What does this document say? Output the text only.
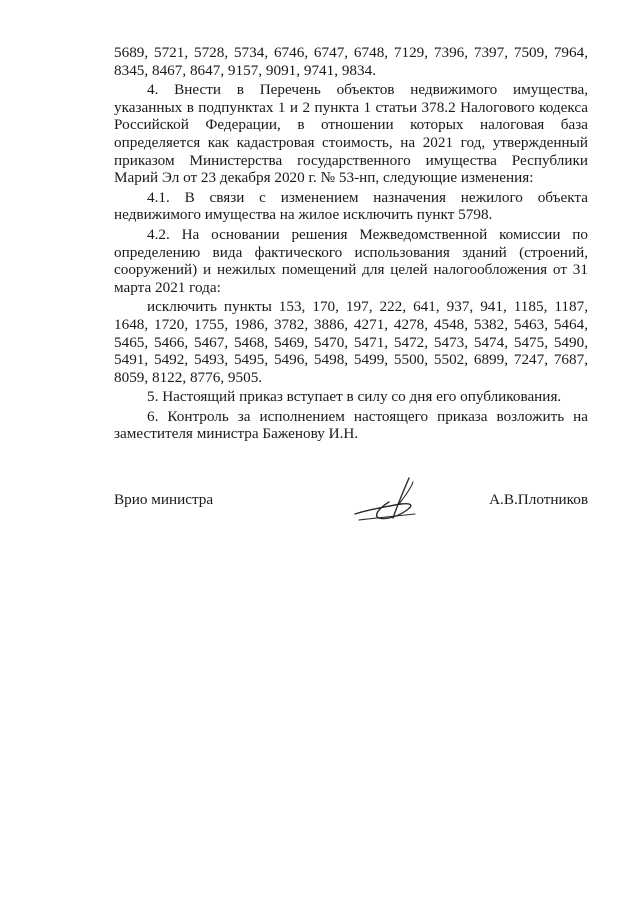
5689, 5721, 5728, 5734, 6746, 6747, 6748, 7129, 7396, 7397, 7509, 7964, 8345, 8467, 8647, 9157, 9091, 9741, 9834.

4. Внести в Перечень объектов недвижимого имущества, указанных в подпунктах 1 и 2 пункта 1 статьи 378.2 Налогового кодекса Российской Федерации, в отношении которых налоговая база определяется как кадастровая стоимость, на 2021 год, утвержденный приказом Министерства государственного имущества Республики Марий Эл от 23 декабря 2020 г. № 53-нп, следующие изменения:

4.1. В связи с изменением назначения нежилого объекта недвижимого имущества на жилое исключить пункт 5798.

4.2. На основании решения Межведомственной комиссии по определению вида фактического использования зданий (строений, сооружений) и нежилых помещений для целей налогообложения от 31 марта 2021 года:

исключить пункты 153, 170, 197, 222, 641, 937, 941, 1185, 1187, 1648, 1720, 1755, 1986, 3782, 3886, 4271, 4278, 4548, 5382, 5463, 5464, 5465, 5466, 5467, 5468, 5469, 5470, 5471, 5472, 5473, 5474, 5475, 5490, 5491, 5492, 5493, 5495, 5496, 5498, 5499, 5500, 5502, 6899, 7247, 7687, 8059, 8122, 8776, 9505.

5. Настоящий приказ вступает в силу со дня его опубликования.

6. Контроль за исполнением настоящего приказа возложить на заместителя министра Баженову И.Н.

Врио министра	А.В.Плотников
